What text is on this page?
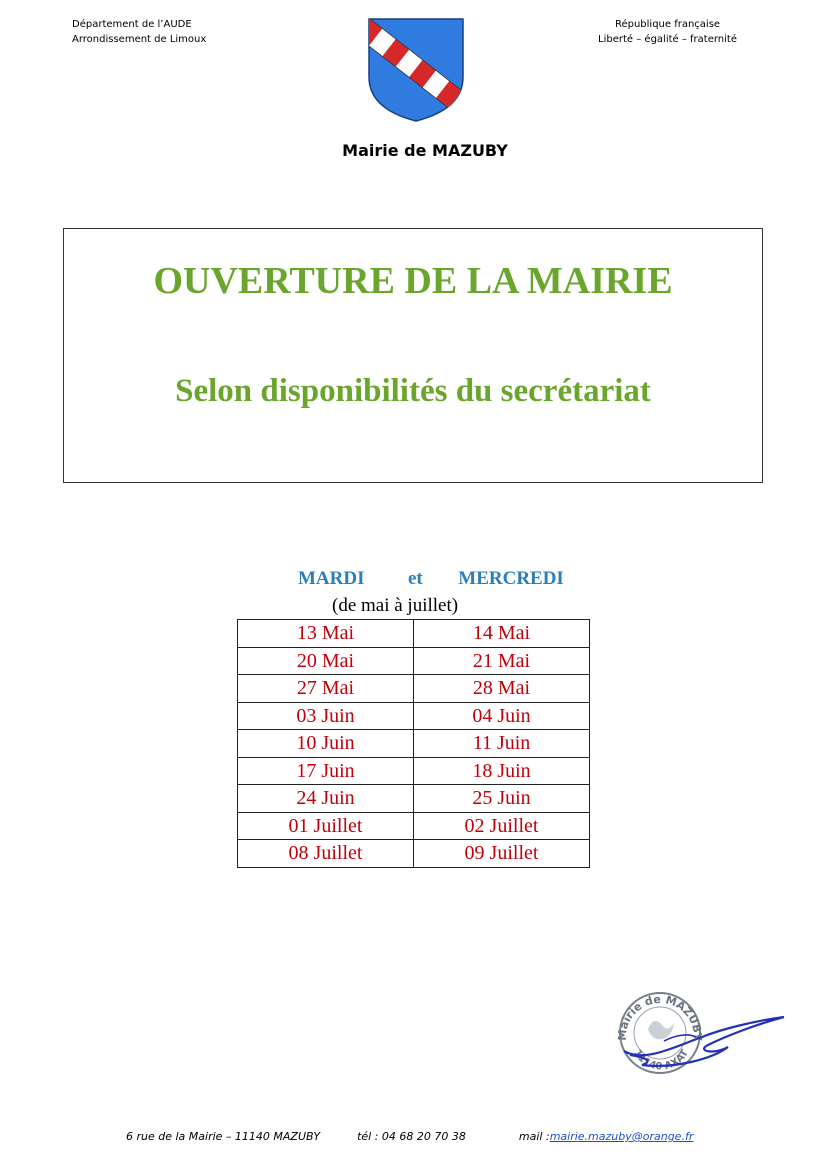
Département de l’AUDE
Arrondissement de Limoux
République française
Liberté – égalité – fraternité
Mairie de MAZUBY
OUVERTURE DE LA MAIRIE
Selon disponibilités du secrétariat
MARDI et MERCREDI
(de mai à juillet)
13 Mai	14 Mai
20 Mai	21 Mai
27 Mai	28 Mai
03 Juin	04 Juin
10 Juin	11 Juin
17 Juin	18 Juin
24 Juin	25 Juin
01 Juillet	02 Juillet
08 Juillet	09 Juillet
Mairie de MAZUBY
11140 AXAT
6 rue de la Mairie – 11140 MAZUBY	tél : 04 68 20 70 38	mail :mairie.mazuby@orange.fr
